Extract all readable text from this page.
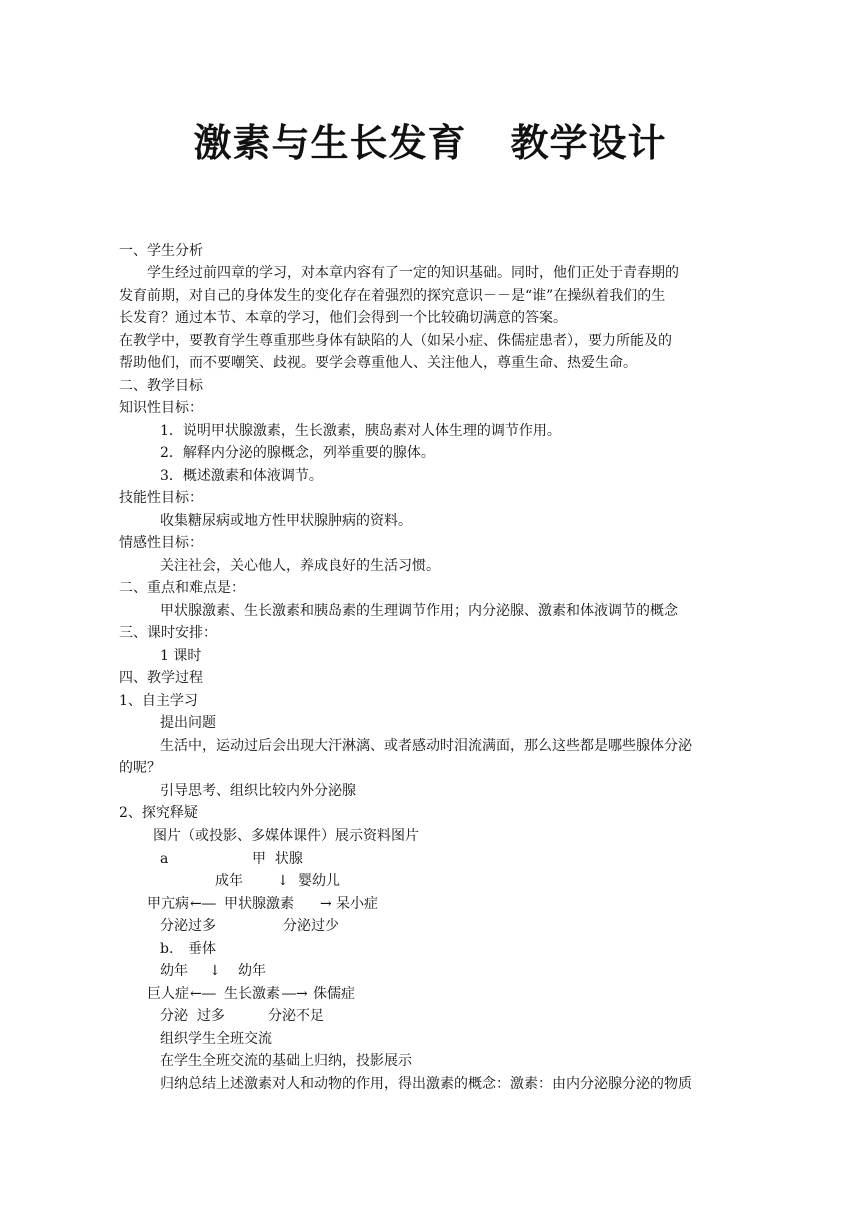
激素与生长发育 教学设计
一、学生分析
学生经过前四章的学习，对本章内容有了一定的知识基础。同时，他们正处于青春期的
发育前期，对自己的身体发生的变化存在着强烈的探究意识－－是“谁”在操纵着我们的生
长发育？通过本节、本章的学习，他们会得到一个比较确切满意的答案。
在教学中，要教育学生尊重那些身体有缺陷的人（如呆小症、侏儒症患者），要力所能及的
帮助他们，而不要嘲笑、歧视。要学会尊重他人、关注他人，尊重生命、热爱生命。
二、教学目标
知识性目标：
1．说明甲状腺激素，生长激素，胰岛素对人体生理的调节作用。
2．解释内分泌的腺概念，列举重要的腺体。
3．概述激素和体液调节。
技能性目标：
收集糖尿病或地方性甲状腺肿病的资料。
情感性目标：
关注社会，关心他人，养成良好的生活习惯。
二、重点和难点是：
甲状腺激素、生长激素和胰岛素的生理调节作用；内分泌腺、激素和体液调节的概念
三、课时安排：
1 课时
四、教学过程
1、自主学习
提出问题
生活中，运动过后会出现大汗淋漓、或者感动时泪流满面，那么这些都是哪些腺体分泌
的呢？
引导思考、组织比较内外分泌腺
2、探究释疑
图片（或投影、多媒体课件）展示资料图片
a	甲  状腺
成年 ↓ 婴幼儿
甲亢病 ←― 甲状腺激素 → 呆小症
分泌过多	分泌过少
b. 垂体
幼年 ↓ 幼年
巨人症 ←― 生长激素 ―→ 侏儒症
分泌  过多	分泌不足
组织学生全班交流
在学生全班交流的基础上归纳，投影展示
归纳总结上述激素对人和动物的作用，得出激素的概念：激素：由内分泌腺分泌的物质
